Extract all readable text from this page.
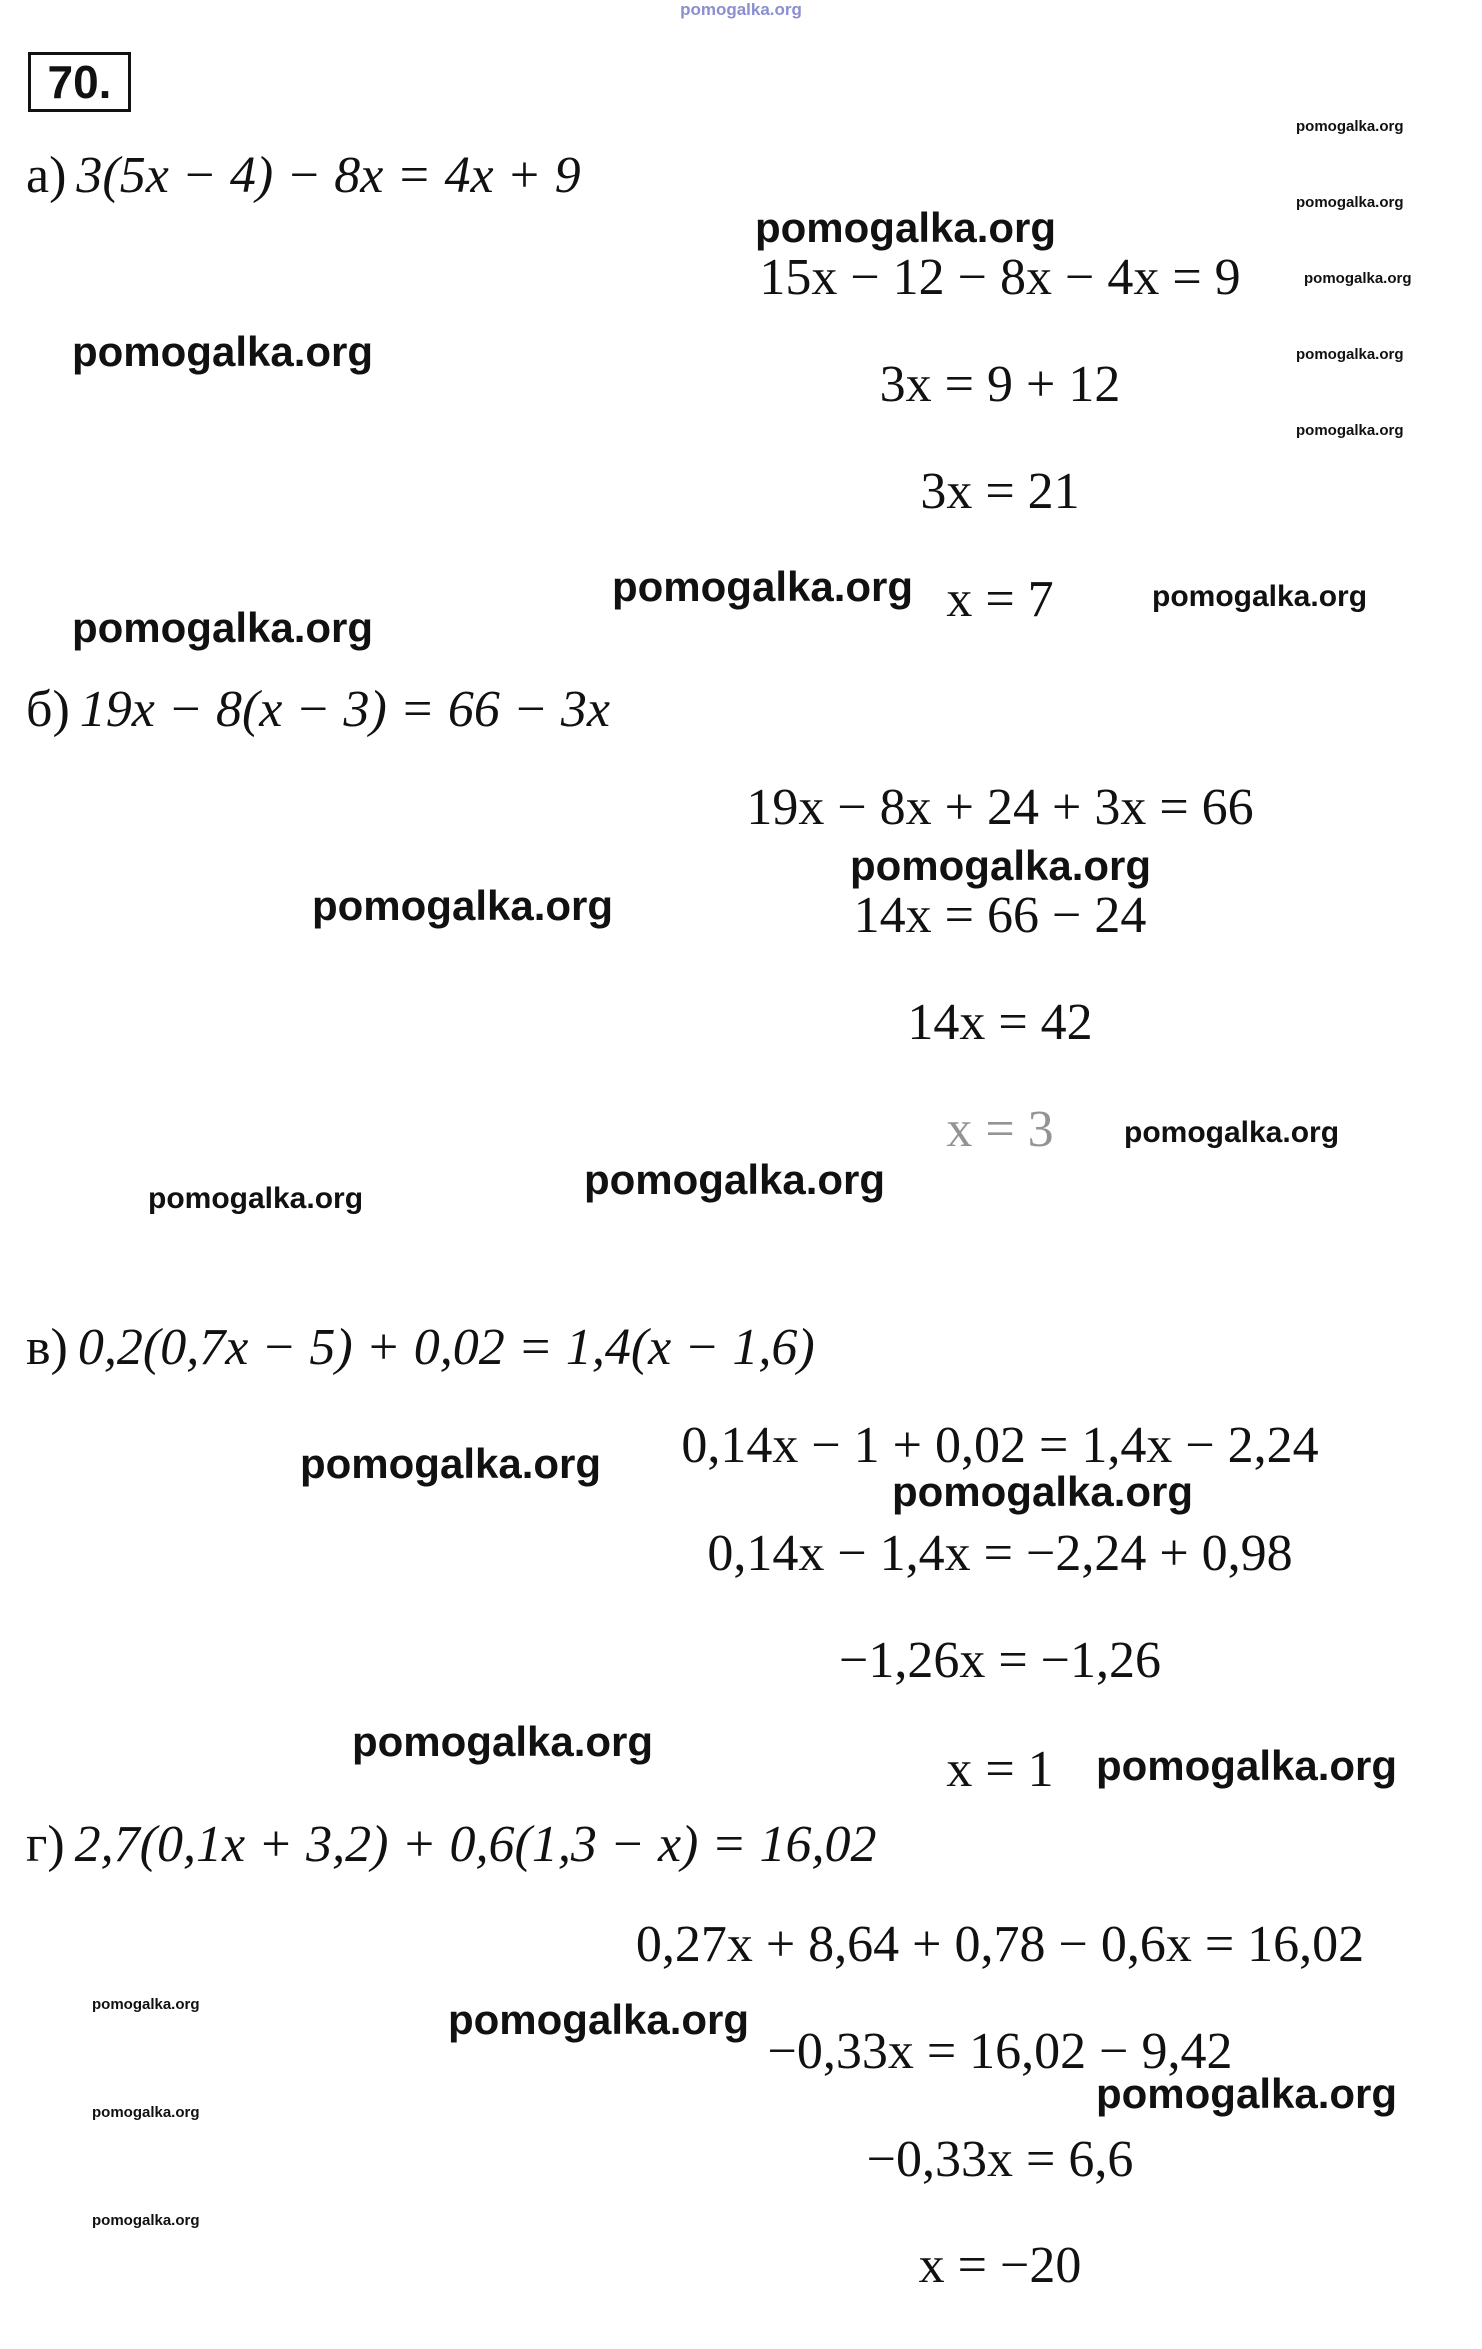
pomogalka.org
70.
а) 3(5x − 4) − 8x = 4x + 9
15x − 12 − 8x − 4x = 9
3x = 9 + 12
3x = 21
x = 7
б) 19x − 8(x − 3) = 66 − 3x
19x − 8x + 24 + 3x = 66
14x = 66 − 24
14x = 42
x = 3
в) 0,2(0,7x − 5) + 0,02 = 1,4(x − 1,6)
0,14x − 1 + 0,02 = 1,4x − 2,24
0,14x − 1,4x = −2,24 + 0,98
−1,26x = −1,26
x = 1
г) 2,7(0,1x + 3,2) + 0,6(1,3 − x) = 16,02
0,27x + 8,64 + 0,78 − 0,6x = 16,02
−0,33x = 16,02 − 9,42
−0,33x = 6,6
x = −20
pomogalka.org
pomogalka.org
pomogalka.org
pomogalka.org
pomogalka.org
pomogalka.org
pomogalka.org
pomogalka.org
pomogalka.org
pomogalka.org
pomogalka.org
pomogalka.org
pomogalka.org
pomogalka.org
pomogalka.org
pomogalka.org
pomogalka.org
pomogalka.org
pomogalka.org
pomogalka.org
pomogalka.org
pomogalka.org
pomogalka.org
pomogalka.org
